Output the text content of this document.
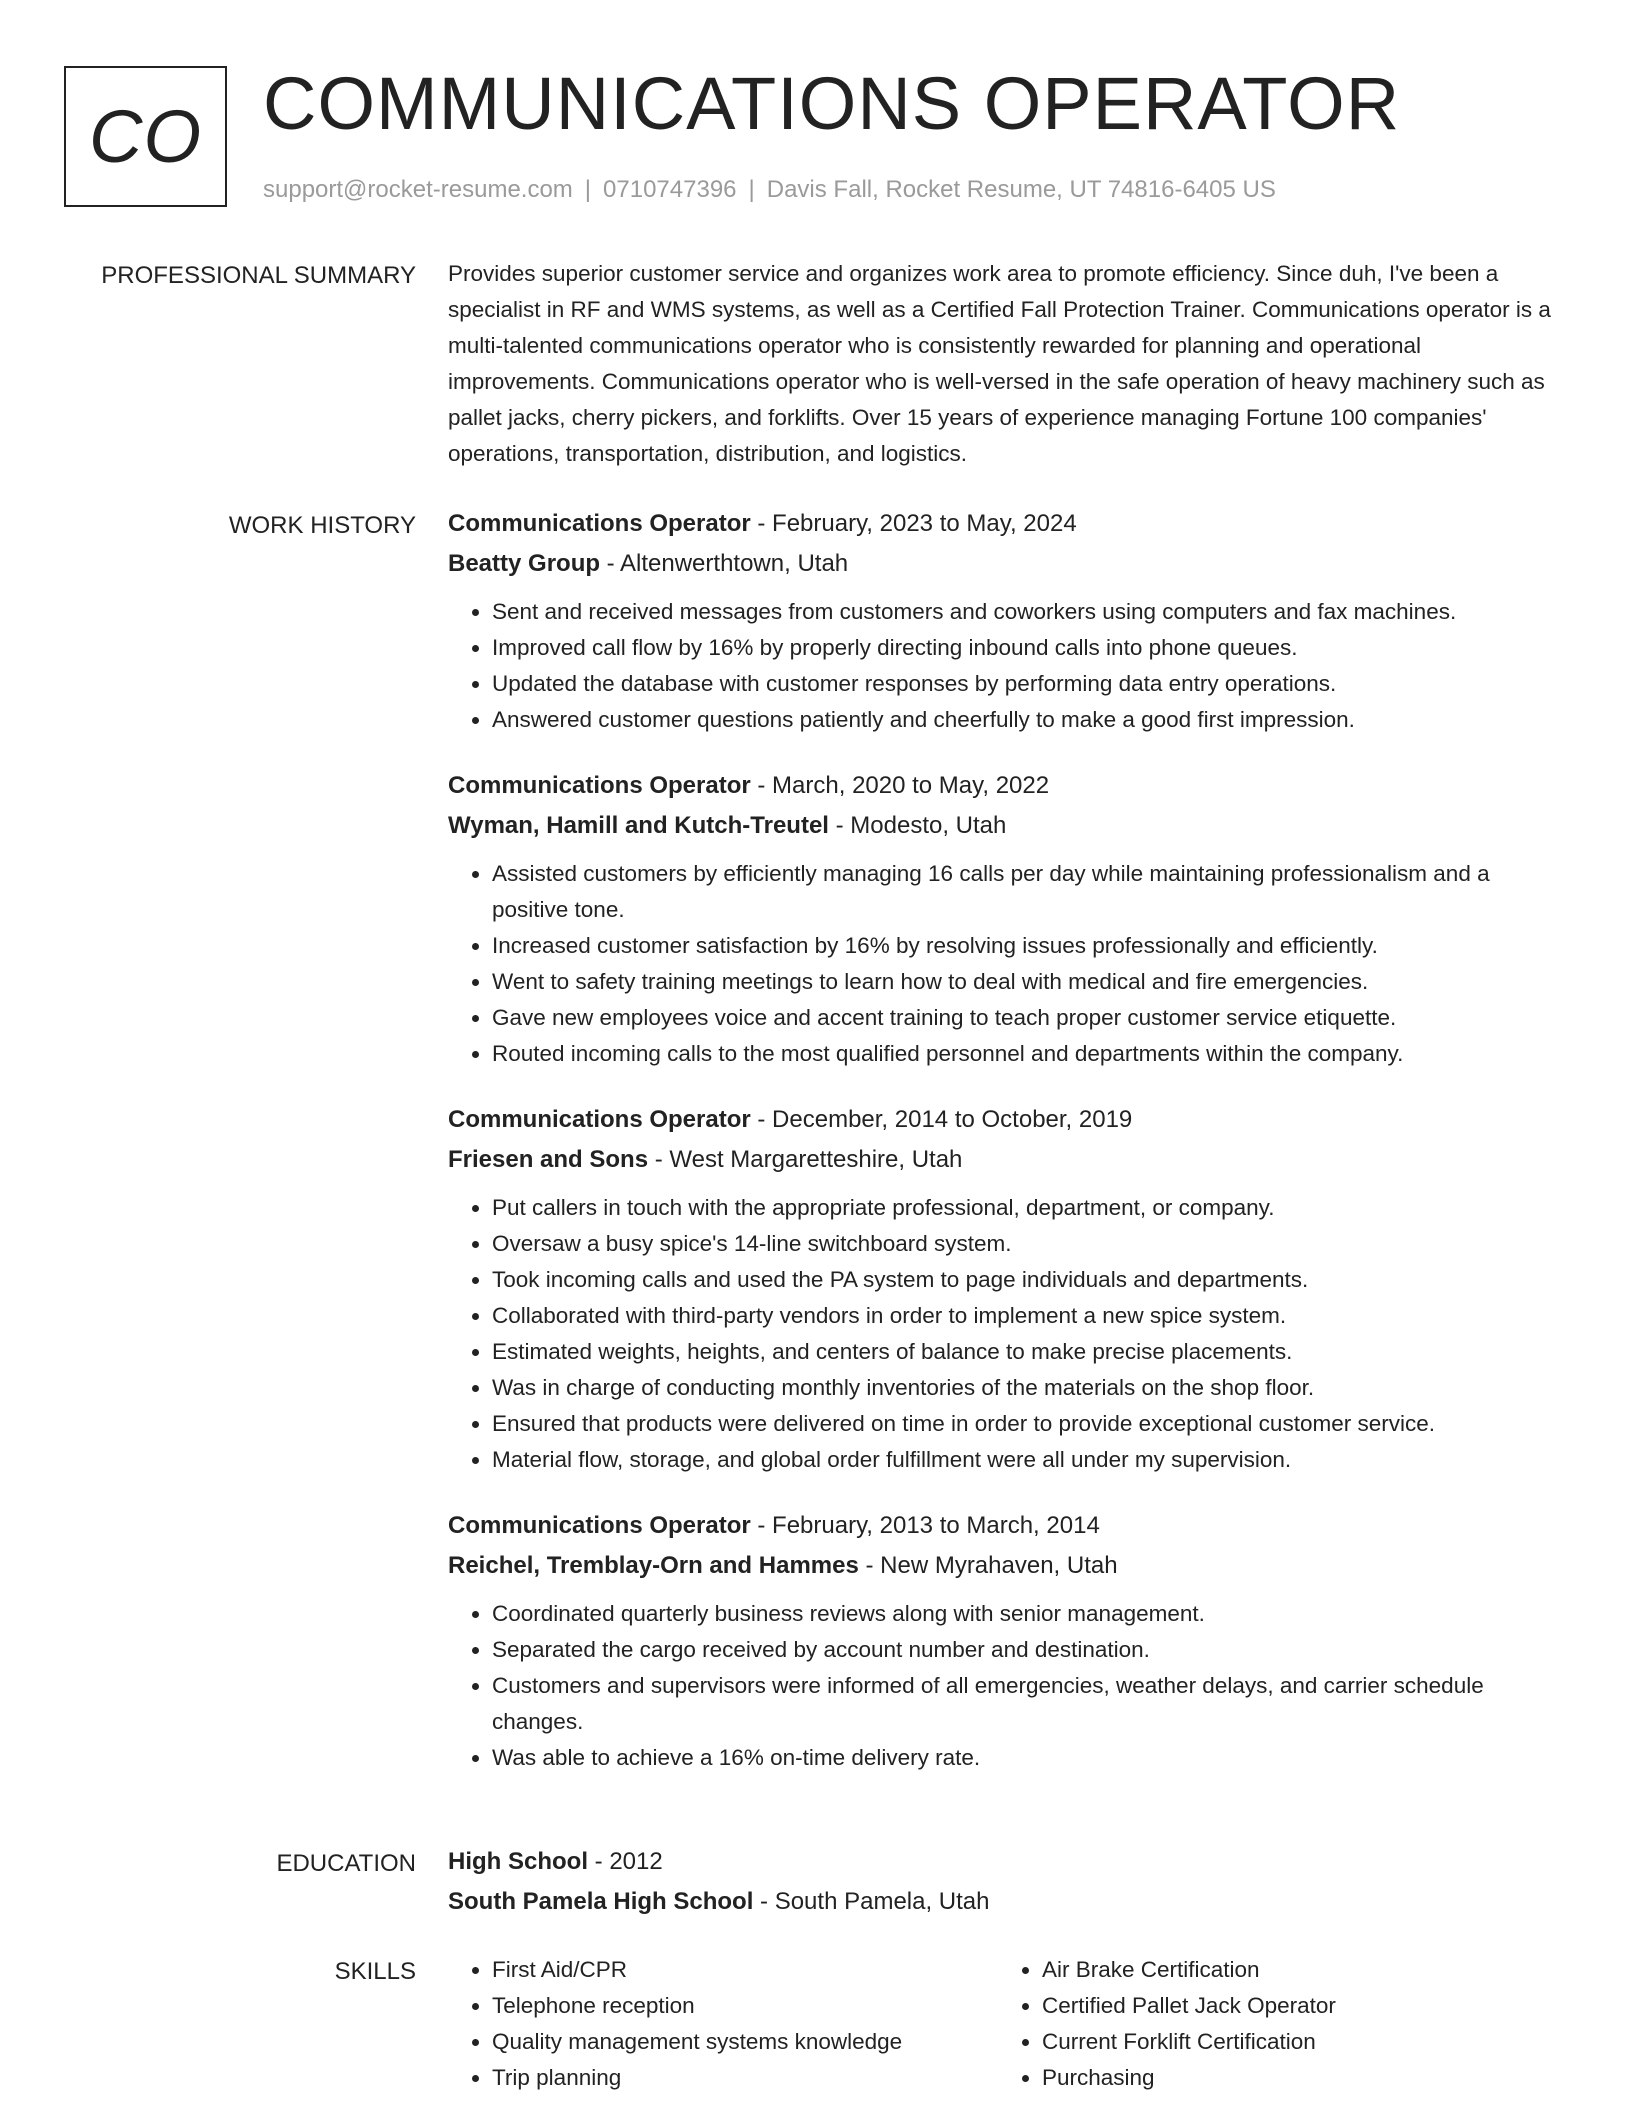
CO COMMUNICATIONS OPERATOR
support@rocket-resume.com | 0710747396 | Davis Fall, Rocket Resume, UT 74816-6405 US
PROFESSIONAL SUMMARY Provides superior customer service and organizes work area to promote efficiency. Since duh, I've been a specialist in RF and WMS systems, as well as a Certified Fall Protection Trainer. Communications operator is a multi-talented communications operator who is consistently rewarded for planning and operational improvements. Communications operator who is well-versed in the safe operation of heavy machinery such as pallet jacks, cherry pickers, and forklifts. Over 15 years of experience managing Fortune 100 companies' operations, transportation, distribution, and logistics.

WORK HISTORY Communications Operator - February, 2023 to May, 2024
Beatty Group - Altenwerthtown, Utah
• Sent and received messages from customers and coworkers using computers and fax machines.
• Improved call flow by 16% by properly directing inbound calls into phone queues.
• Updated the database with customer responses by performing data entry operations.
• Answered customer questions patiently and cheerfully to make a good first impression.
Communications Operator - March, 2020 to May, 2022
Wyman, Hamill and Kutch-Treutel - Modesto, Utah
• Assisted customers by efficiently managing 16 calls per day while maintaining professionalism and a positive tone.
• Increased customer satisfaction by 16% by resolving issues professionally and efficiently.
• Went to safety training meetings to learn how to deal with medical and fire emergencies.
• Gave new employees voice and accent training to teach proper customer service etiquette.
• Routed incoming calls to the most qualified personnel and departments within the company.
Communications Operator - December, 2014 to October, 2019
Friesen and Sons - West Margaretteshire, Utah
• Put callers in touch with the appropriate professional, department, or company.
• Oversaw a busy spice's 14-line switchboard system.
• Took incoming calls and used the PA system to page individuals and departments.
• Collaborated with third-party vendors in order to implement a new spice system.
• Estimated weights, heights, and centers of balance to make precise placements.
• Was in charge of conducting monthly inventories of the materials on the shop floor.
• Ensured that products were delivered on time in order to provide exceptional customer service.
• Material flow, storage, and global order fulfillment were all under my supervision.
Communications Operator - February, 2013 to March, 2014
Reichel, Tremblay-Orn and Hammes - New Myrahaven, Utah
• Coordinated quarterly business reviews along with senior management.
• Separated the cargo received by account number and destination.
• Customers and supervisors were informed of all emergencies, weather delays, and carrier schedule changes.
• Was able to achieve a 16% on-time delivery rate.
EDUCATION High School - 2012
South Pamela High School - South Pamela, Utah
SKILLS
•	First Aid/CPR
• Telephone reception
• Quality management systems knowledge
• Trip planning
• Air Brake Certification
• Certified Pallet Jack Operator
• Current Forklift Certification
• Purchasing
